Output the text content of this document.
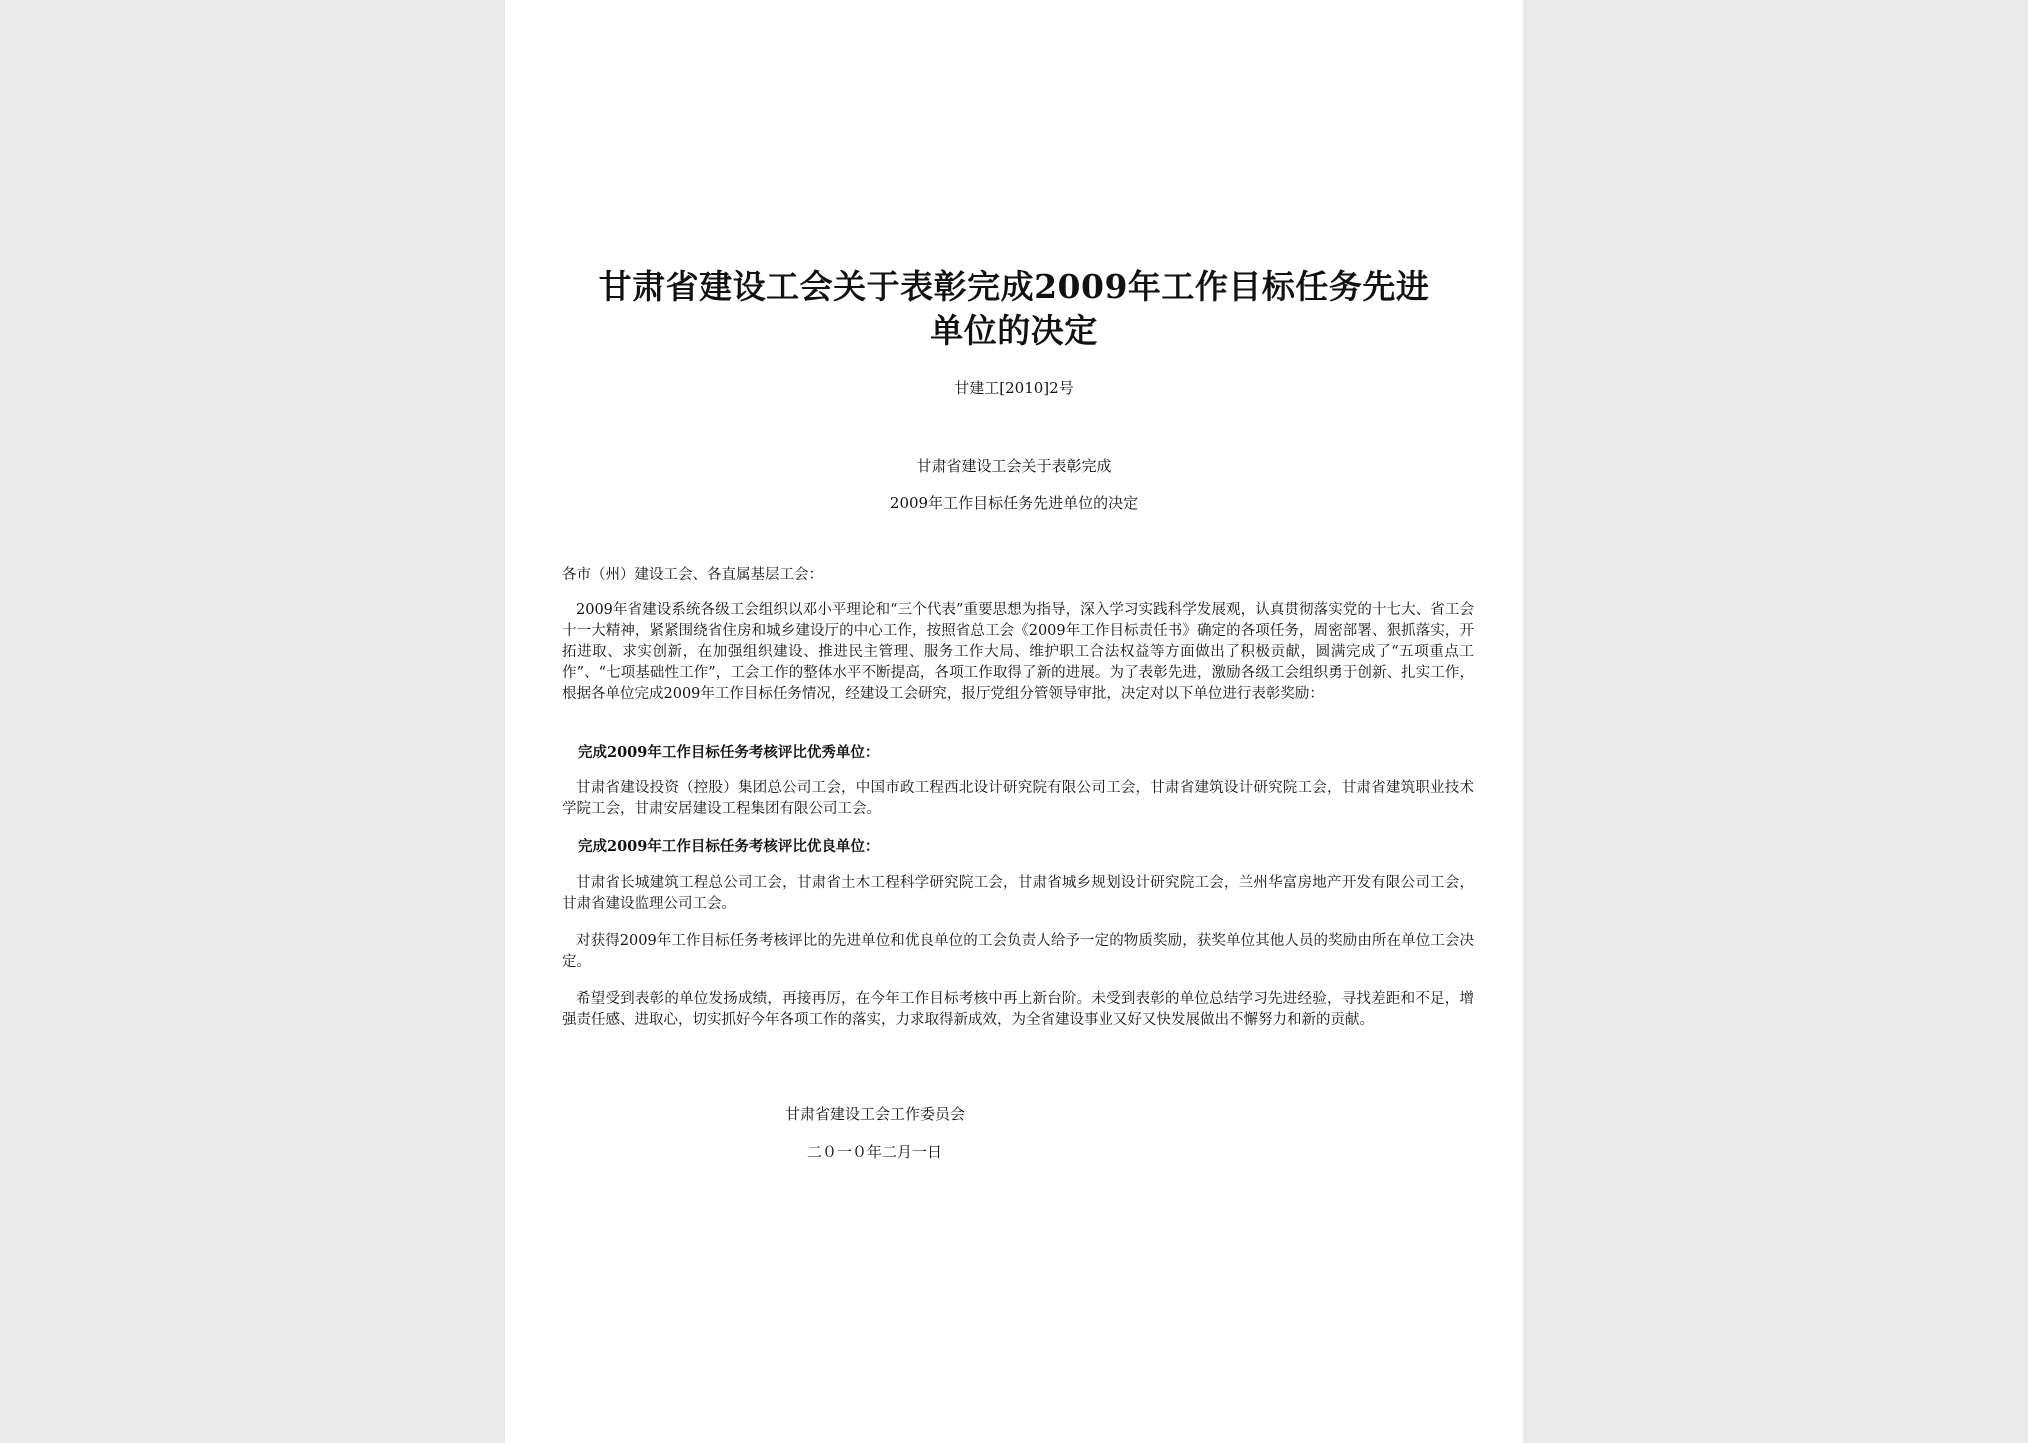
甘肃省建设工会关于表彰完成2009年工作目标任务先进
单位的决定
甘建工[2010]2号
甘肃省建设工会关于表彰完成
2009年工作目标任务先进单位的决定

各市（州）建设工会、各直属基层工会：

2009年省建设系统各级工会组织以邓小平理论和“三个代表”重要思想为指导，深入学习实践科学发展观，认真贯彻落实党的十七大、省工会十一大精神，紧紧围绕省住房和城乡建设厅的中心工作，按照省总工会《2009年工作目标责任书》确定的各项任务，周密部署、狠抓落实，开拓进取、求实创新，在加强组织建设、推进民主管理、服务工作大局、维护职工合法权益等方面做出了积极贡献，圆满完成了“五项重点工作”、“七项基础性工作”，工会工作的整体水平不断提高，各项工作取得了新的进展。为了表彰先进，激励各级工会组织勇于创新、扎实工作，根据各单位完成2009年工作目标任务情况，经建设工会研究，报厅党组分管领导审批，决定对以下单位进行表彰奖励：

完成2009年工作目标任务考核评比优秀单位：

甘肃省建设投资（控股）集团总公司工会，中国市政工程西北设计研究院有限公司工会，甘肃省建筑设计研究院工会，甘肃省建筑职业技术学院工会，甘肃安居建设工程集团有限公司工会。

完成2009年工作目标任务考核评比优良单位：

甘肃省长城建筑工程总公司工会，甘肃省土木工程科学研究院工会，甘肃省城乡规划设计研究院工会，兰州华富房地产开发有限公司工会，甘肃省建设监理公司工会。

对获得2009年工作目标任务考核评比的先进单位和优良单位的工会负责人给予一定的物质奖励，获奖单位其他人员的奖励由所在单位工会决定。

希望受到表彰的单位发扬成绩，再接再厉，在今年工作目标考核中再上新台阶。未受到表彰的单位总结学习先进经验，寻找差距和不足，增强责任感、进取心，切实抓好今年各项工作的落实，力求取得新成效，为全省建设事业又好又快发展做出不懈努力和新的贡献。

甘肃省建设工会工作委员会
二０一０年二月一日
